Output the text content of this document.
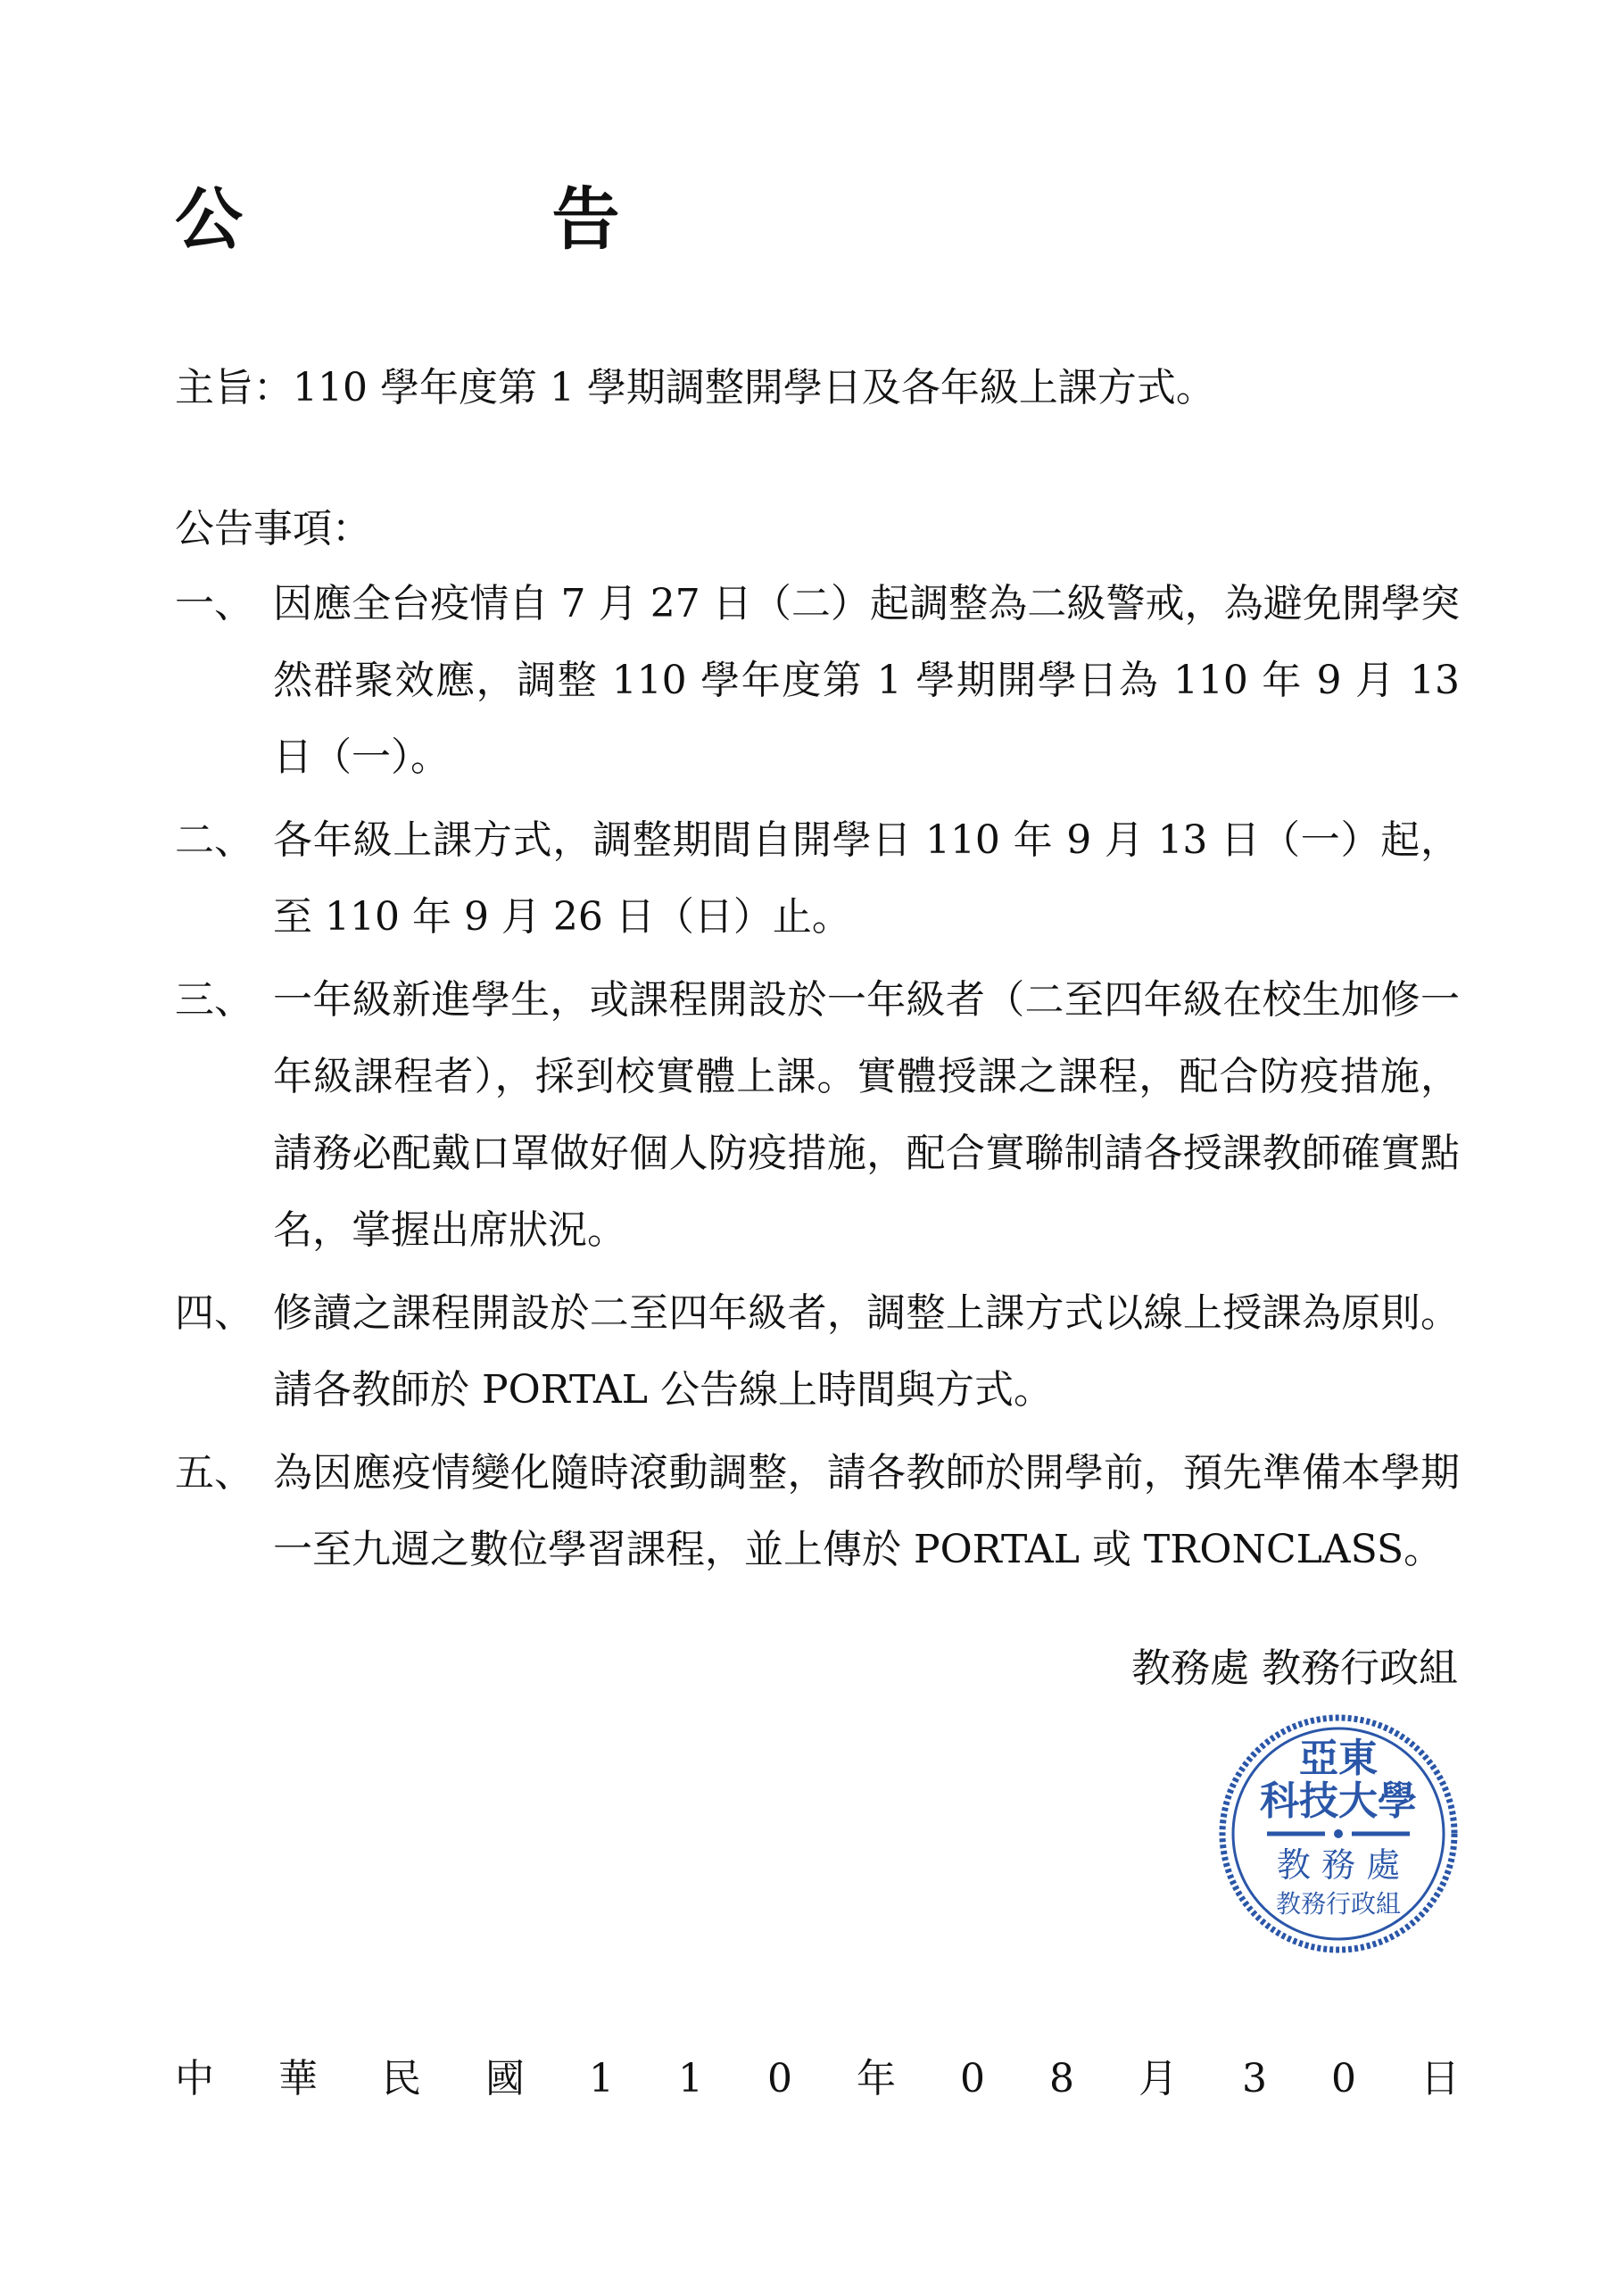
公 告
主旨：110 學年度第 1 學期調整開學日及各年級上課方式。
公告事項：
一、 因應全台疫情自 7 月 27 日（二）起調整為二級警戒，為避免開學突然群聚效應，調整 110 學年度第 1 學期開學日為 110 年 9 月 13 日（一）。
二、 各年級上課方式，調整期間自開學日 110 年 9 月 13 日（一）起，至 110 年 9 月 26 日（日）止。
三、 一年級新進學生，或課程開設於一年級者（二至四年級在校生加修一年級課程者），採到校實體上課。實體授課之課程，配合防疫措施，請務必配戴口罩做好個人防疫措施，配合實聯制請各授課教師確實點名，掌握出席狀況。
四、 修讀之課程開設於二至四年級者，調整上課方式以線上授課為原則。請各教師於 PORTAL 公告線上時間與方式。
五、 為因應疫情變化隨時滾動調整，請各教師於開學前，預先準備本學期一至九週之數位學習課程，並上傳於 PORTAL 或 TRONCLASS。
教務處 教務行政組
亞東
科技大學
教 務 處
教務行政組
中 華 民 國 1 1 0 年 0 8 月 3 0 日
